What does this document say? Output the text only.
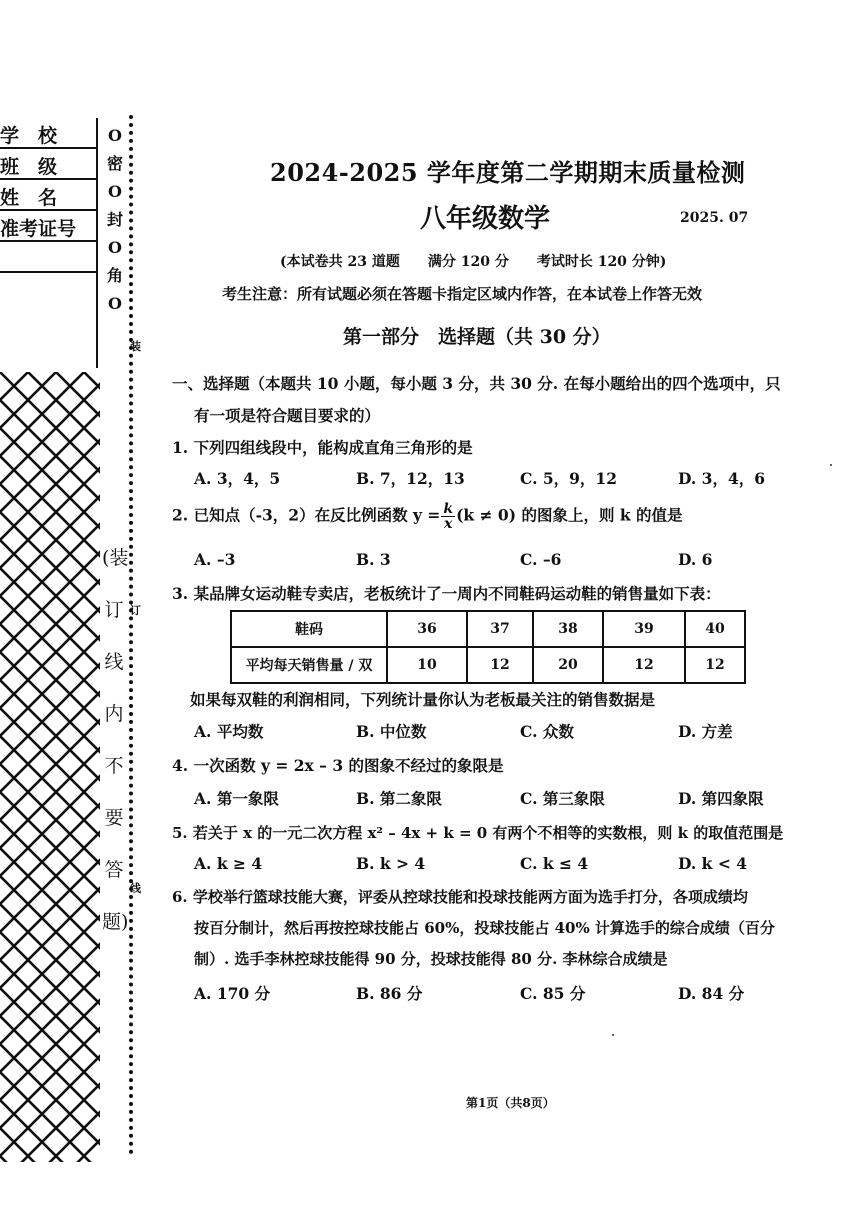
学　校
班　级
姓　名
准考证号
O
密
O
封
O
角
O
(装
订
线
内
不
要
答
题)
装
订
线
2024-2025 学年度第二学期期末质量检测
八年级数学	2025. 07
(本试卷共 23 道题　　满分 120 分　　考试时长 120 分钟)
考生注意：所有试题必须在答题卡指定区域内作答，在本试卷上作答无效
第一部分　选择题（共 30 分）
一、选择题（本题共 10 小题，每小题 3 分，共 30 分. 在每小题给出的四个选项中，只
有一项是符合题目要求的）
1. 下列四组线段中，能构成直角三角形的是
A. 3，4，5	B. 7，12，13	C. 5，9，12	D. 3，4，6
2. 已知点（-3，2）在反比例函数 $y = \frac{k}{x} (k \ne 0)$ 的图象上，则 k 的值是
A. –3	B. 3	C. –6	D. 6
3. 某品牌女运动鞋专卖店，老板统计了一周内不同鞋码运动鞋的销售量如下表：
鞋码	36	37	38	39	40
平均每天销售量 / 双	10	12	20	12	12
如果每双鞋的利润相同，下列统计量你认为老板最关注的销售数据是
A. 平均数	B. 中位数	C. 众数	D. 方差
4. 一次函数 y = 2x – 3 的图象不经过的象限是
A. 第一象限	B. 第二象限	C. 第三象限	D. 第四象限
5. 若关于 x 的一元二次方程 x² – 4x + k = 0 有两个不相等的实数根，则 k 的取值范围是
A. k ≥ 4	B. k > 4	C. k ≤ 4	D. k < 4
6. 学校举行篮球技能大赛，评委从控球技能和投球技能两方面为选手打分，各项成绩均
按百分制计，然后再按控球技能占 60%，投球技能占 40% 计算选手的综合成绩（百分
制）. 选手李林控球技能得 90 分，投球技能得 80 分. 李林综合成绩是
A. 170 分	B. 86 分	C. 85 分	D. 84 分
第1页（共8页）
